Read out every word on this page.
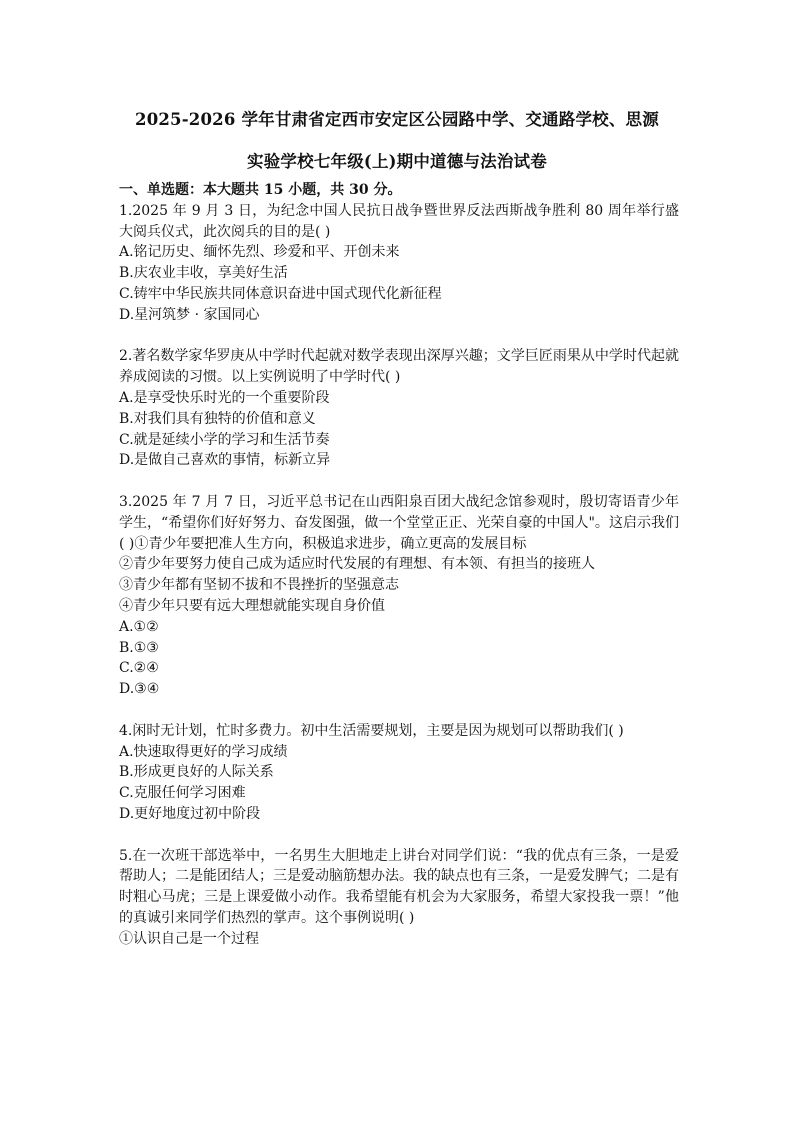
2025-2026 学年甘肃省定西市安定区公园路中学、交通路学校、思源
实验学校七年级(上)期中道德与法治试卷

一、单选题：本大题共 15 小题，共 30 分。

1.2025 年 9 月 3 日，为纪念中国人民抗日战争暨世界反法西斯战争胜利 80 周年举行盛大阅兵仪式，此次阅兵的目的是( )

A.铭记历史、缅怀先烈、珍爱和平、开创未来

B.庆农业丰收，享美好生活

C.铸牢中华民族共同体意识奋进中国式现代化新征程

D.星河筑梦 · 家国同心

2.著名数学家华罗庚从中学时代起就对数学表现出深厚兴趣；文学巨匠雨果从中学时代起就养成阅读的习惯。以上实例说明了中学时代( )

A.是享受快乐时光的一个重要阶段

B.对我们具有独特的价值和意义

C.就是延续小学的学习和生活节奏

D.是做自己喜欢的事情，标新立异

3.2025 年 7 月 7 日，习近平总书记在山西阳泉百团大战纪念馆参观时，殷切寄语青少年学生，“希望你们好好努力、奋发图强，做一个堂堂正正、光荣自豪的中国人"。这启示我们( )①青少年要把准人生方向，积极追求进步，确立更高的发展目标

②青少年要努力使自己成为适应时代发展的有理想、有本领、有担当的接班人

③青少年都有坚韧不拔和不畏挫折的坚强意志

④青少年只要有远大理想就能实现自身价值

A.①②

B.①③

C.②④

D.③④

4.闲时无计划，忙时多费力。初中生活需要规划，主要是因为规划可以帮助我们( )

A.快速取得更好的学习成绩

B.形成更良好的人际关系

C.克服任何学习困难

D.更好地度过初中阶段

5.在一次班干部选举中，一名男生大胆地走上讲台对同学们说：“我的优点有三条，一是爱帮助人；二是能团结人；三是爱动脑筋想办法。我的缺点也有三条，一是爱发脾气；二是有时粗心马虎；三是上课爱做小动作。我希望能有机会为大家服务，希望大家投我一票！”他的真诚引来同学们热烈的掌声。这个事例说明( )

①认识自己是一个过程
